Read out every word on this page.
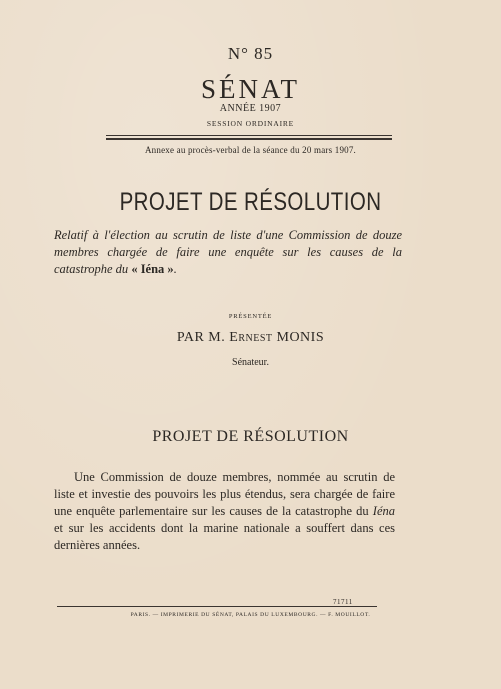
N° 85
SÉNAT
ANNÉE 1907
SESSION ORDINAIRE
Annexe au procès-verbal de la séance du 20 mars 1907.
PROJET DE RÉSOLUTION
Relatif à l'élection au scrutin de liste d'une Commission de douze membres chargée de faire une enquête sur les causes de la catastrophe du « Iéna ».
PRÉSENTÉE
PAR M. Ernest MONIS
Sénateur.
PROJET DE RÉSOLUTION
Une Commission de douze membres, nommée au scrutin de liste et investie des pouvoirs les plus étendus, sera chargée de faire une enquête parlementaire sur les causes de la catastrophe du Iéna et sur les accidents dont la marine nationale a souffert dans ces dernières années.
71711
PARIS. — IMPRIMERIE DU SÉNAT, PALAIS DU LUXEMBOURG. — F. MOUILLOT.
